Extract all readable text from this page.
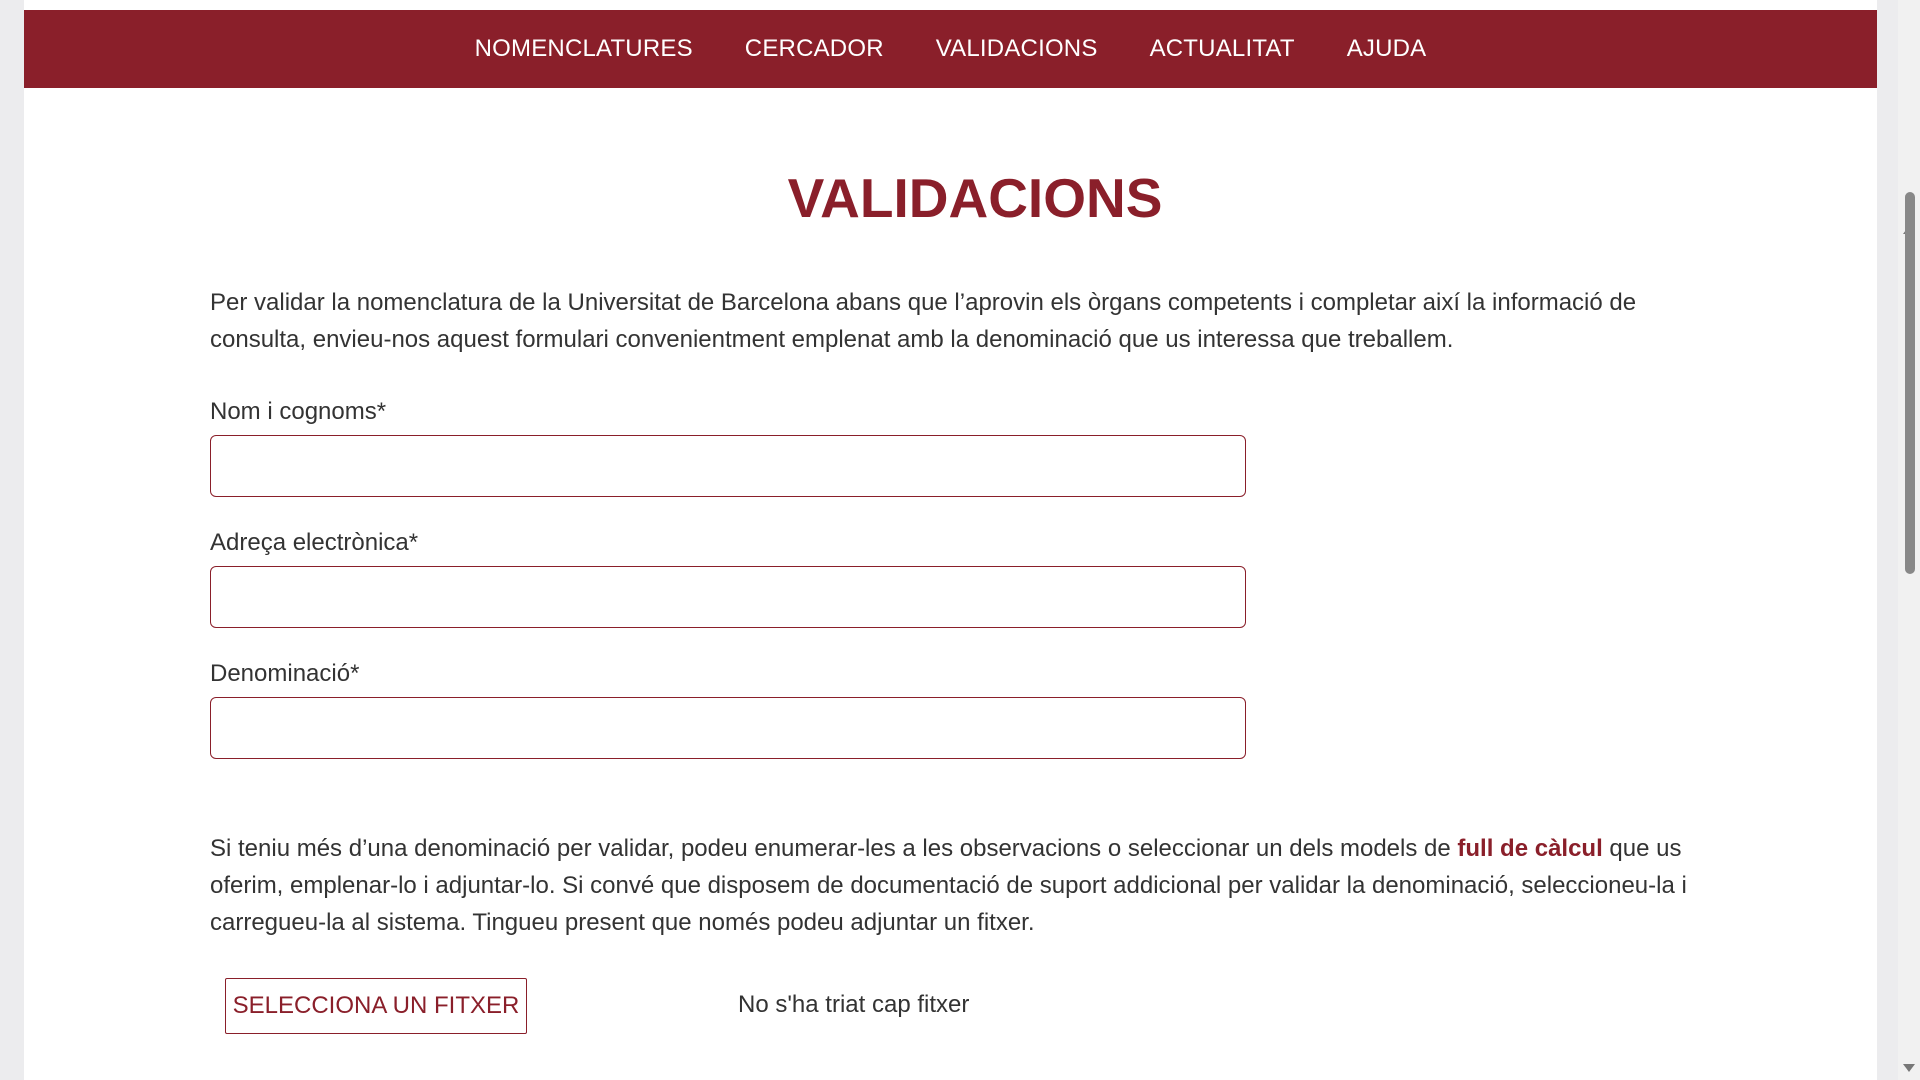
NOMENCLATURES	CERCADOR	VALIDACIONS	ACTUALITAT	AJUDA
VALIDACIONS

Per validar la nomenclatura de la Universitat de Barcelona abans que l’aprovin els òrgans competents i completar així la informació de consulta, envieu-nos aquest formulari convenientment emplenat amb la denominació que us interessa que treballem.

Nom i cognoms*
Adreça electrònica*
Denominació*

Si teniu més d’una denominació per validar, podeu enumerar-les a les observacions o seleccionar un dels models de full de càlcul que us oferim, emplenar-lo i adjuntar-lo. Si convé que disposem de documentació de suport addicional per validar la denominació, seleccioneu-la i carregueu-la al sistema. Tingueu present que només podeu adjuntar un fitxer.

SELECCIONA UN FITXER	No s'ha triat cap fitxer
